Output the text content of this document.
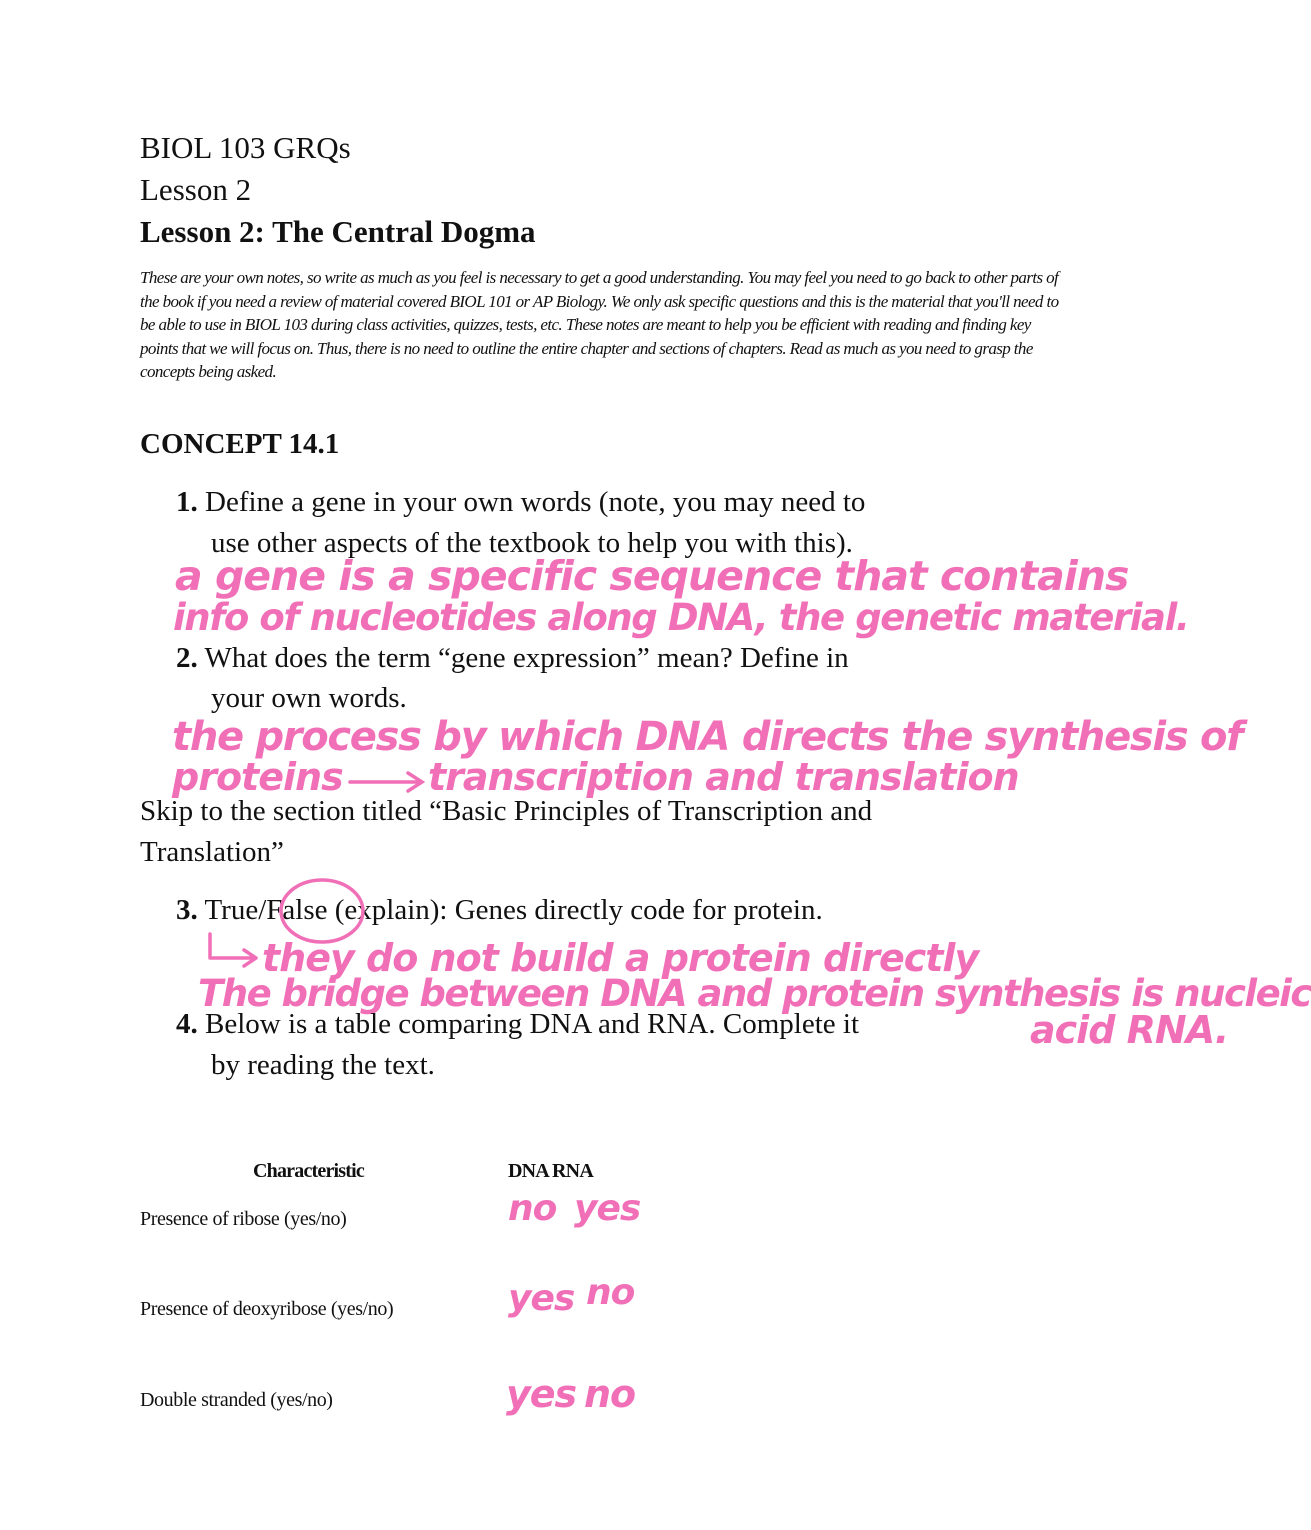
BIOL 103 GRQs
Lesson 2
Lesson 2: The Central Dogma
These are your own notes, so write as much as you feel is necessary to get a good understanding. You may feel you need to go back to other parts of the book if you need a review of material covered BIOL 101 or AP Biology. We only ask specific questions and this is the material that you'll need to be able to use in BIOL 103 during class activities, quizzes, tests, etc. These notes are meant to help you be efficient with reading and finding key points that we will focus on. Thus, there is no need to outline the entire chapter and sections of chapters. Read as much as you need to grasp the concepts being asked.
CONCEPT 14.1
1. Define a gene in your own words (note, you may need to
use other aspects of the textbook to help you with this).
a gene is a specific sequence that contains
info of nucleotides along DNA, the genetic material.
2. What does the term “gene expression” mean? Define in
your own words.
the process by which DNA directs the synthesis of
proteins transcription and translation
Skip to the section titled “Basic Principles of Transcription and
Translation”
3. True/False (explain): Genes directly code for protein.
they do not build a protein directly
The bridge between DNA and protein synthesis is nucleic
acid RNA.
4. Below is a table comparing DNA and RNA. Complete it
by reading the text.
Characteristic	DNA RNA
Presence of ribose (yes/no)	no yes
Presence of deoxyribose (yes/no)	yes no
Double stranded (yes/no)	yes no
